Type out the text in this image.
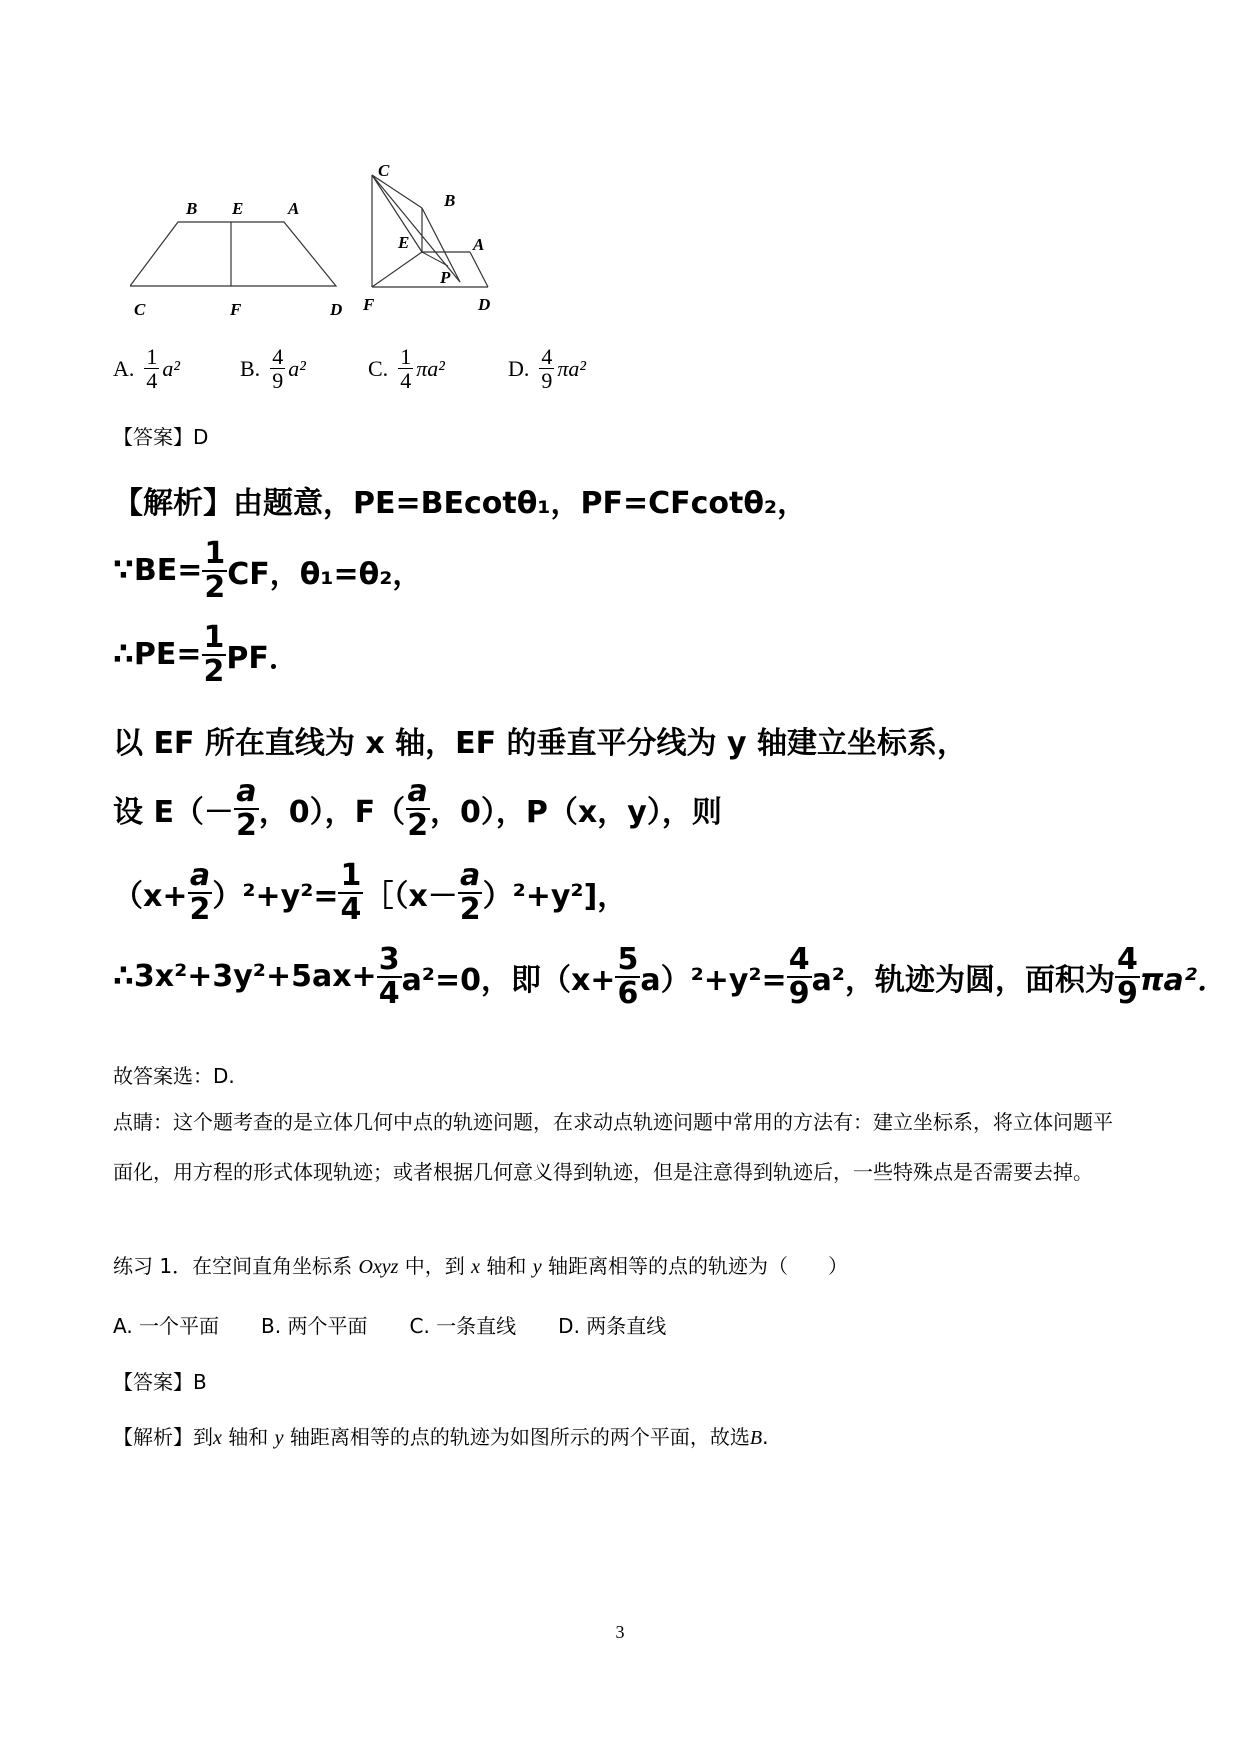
B E	A
C	F	D
C
B
E	A
P
F	D
A. $\frac{1}{4} a^2$	B. $\frac{4}{9} a^2$	C. $\frac{1}{4}$ π a²	D. $\frac{4}{9}$ π a²
【答案】D
【解析】由题意，PE=BEcotθ₁，PF=CFcotθ₂，
∵BE= $\frac{1}{2}$ CF，θ₁=θ₂，
∴PE= $\frac{1}{2}$ PF．
以 EF 所在直线为 x 轴，EF 的垂直平分线为 y 轴建立坐标系，
设 $E(- \frac{a}{2}$ ，0），$F( \frac{a}{2}$ ，0），P（x，y），则
$(x+ \frac{a}{2} )^2+y^2= \frac{1}{4}$ ［（x－ $\frac{a}{2} )^2+y^2$]，
∴3x²+3y²+5ax+ $\frac{3}{4} a^2=0$，即$(x+ \frac{5}{6} a)^2+y^2= \frac{4}{9} a^2$，轨迹为圆，面积为 $\frac{4}{9} \pi a^2$．
故答案选：D.
点睛：这个题考查的是立体几何中点的轨迹问题，在求动点轨迹问题中常用的方法有：建立坐标系，将立体问题平面化，用方程的形式体现轨迹；或者根据几何意义得到轨迹，但是注意得到轨迹后，一些特殊点是否需要去掉。
练习 1．在空间直角坐标系 Oxyz 中，到 x 轴和 y 轴距离相等的点的轨迹为（　　）
A. 一个平面 B. 两个平面 C. 一条直线 D. 两条直线
【答案】B
【解析】到x 轴和 y 轴距离相等的点的轨迹为如图所示的两个平面，故选B.
3
